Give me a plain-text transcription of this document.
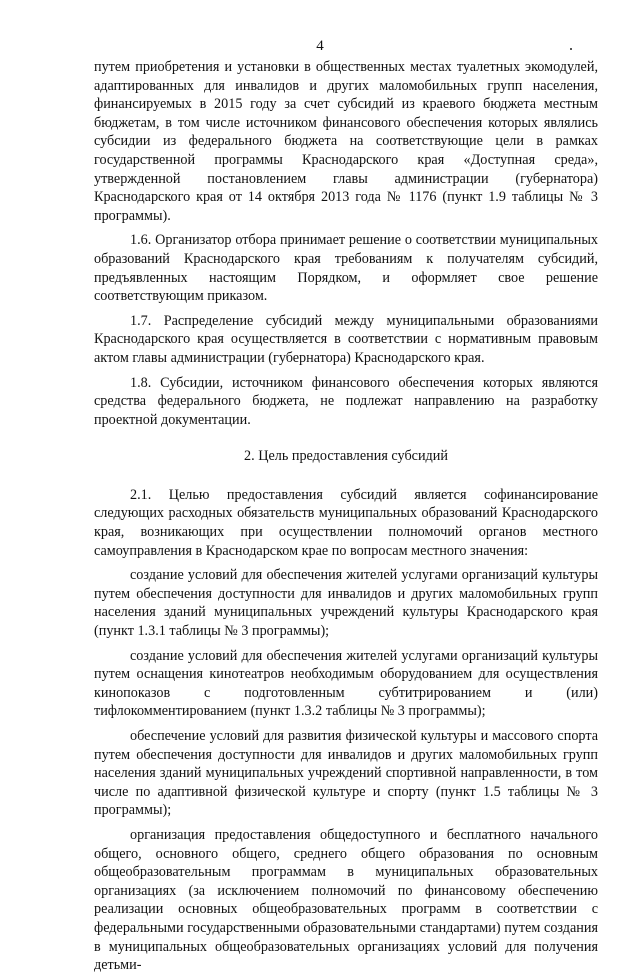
4

путем приобретения и установки в общественных местах туалетных экомодулей, адаптированных для инвалидов и других маломобильных групп населения, финансируемых в 2015 году за счет субсидий из краевого бюджета местным бюджетам, в том числе источником финансового обеспечения которых являлись субсидии из федерального бюджета на соответствующие цели в рамках государственной программы Краснодарского края «Доступная среда», утвержденной постановлением главы администрации (губернатора) Краснодарского края от 14 октября 2013 года № 1176 (пункт 1.9 таблицы № 3 программы).

1.6. Организатор отбора принимает решение о соответствии муниципальных образований Краснодарского края требованиям к получателям субсидий, предъявленных настоящим Порядком, и оформляет свое решение соответствующим приказом.

1.7. Распределение субсидий между муниципальными образованиями Краснодарского края осуществляется в соответствии с нормативным правовым актом главы администрации (губернатора) Краснодарского края.

1.8. Субсидии, источником финансового обеспечения которых являются средства федерального бюджета, не подлежат направлению на разработку проектной документации.

2. Цель предоставления субсидий

2.1. Целью предоставления субсидий является софинансирование следующих расходных обязательств муниципальных образований Краснодарского края, возникающих при осуществлении полномочий органов местного самоуправления в Краснодарском крае по вопросам местного значения:

создание условий для обеспечения жителей услугами организаций культуры путем обеспечения доступности для инвалидов и других маломобильных групп населения зданий муниципальных учреждений культуры Краснодарского края (пункт 1.3.1 таблицы № 3 программы);

создание условий для обеспечения жителей услугами организаций культуры путем оснащения кинотеатров необходимым оборудованием для осуществления кинопоказов с подготовленным субтитрированием и (или) тифлокомментированием (пункт 1.3.2 таблицы № 3 программы);

обеспечение условий для развития физической культуры и массового спорта путем обеспечения доступности для инвалидов и других маломобильных групп населения зданий муниципальных учреждений спортивной направленности, в том числе по адаптивной физической культуре и спорту (пункт 1.5 таблицы № 3 программы);

организация предоставления общедоступного и бесплатного начального общего, основного общего, среднего общего образования по основным общеобразовательным программам в муниципальных образовательных организациях (за исключением полномочий по финансовому обеспечению реализации основных общеобразовательных программ в соответствии с федеральными государственными образовательными стандартами) путем создания в муниципальных общеобразовательных организациях условий для получения детьми-
